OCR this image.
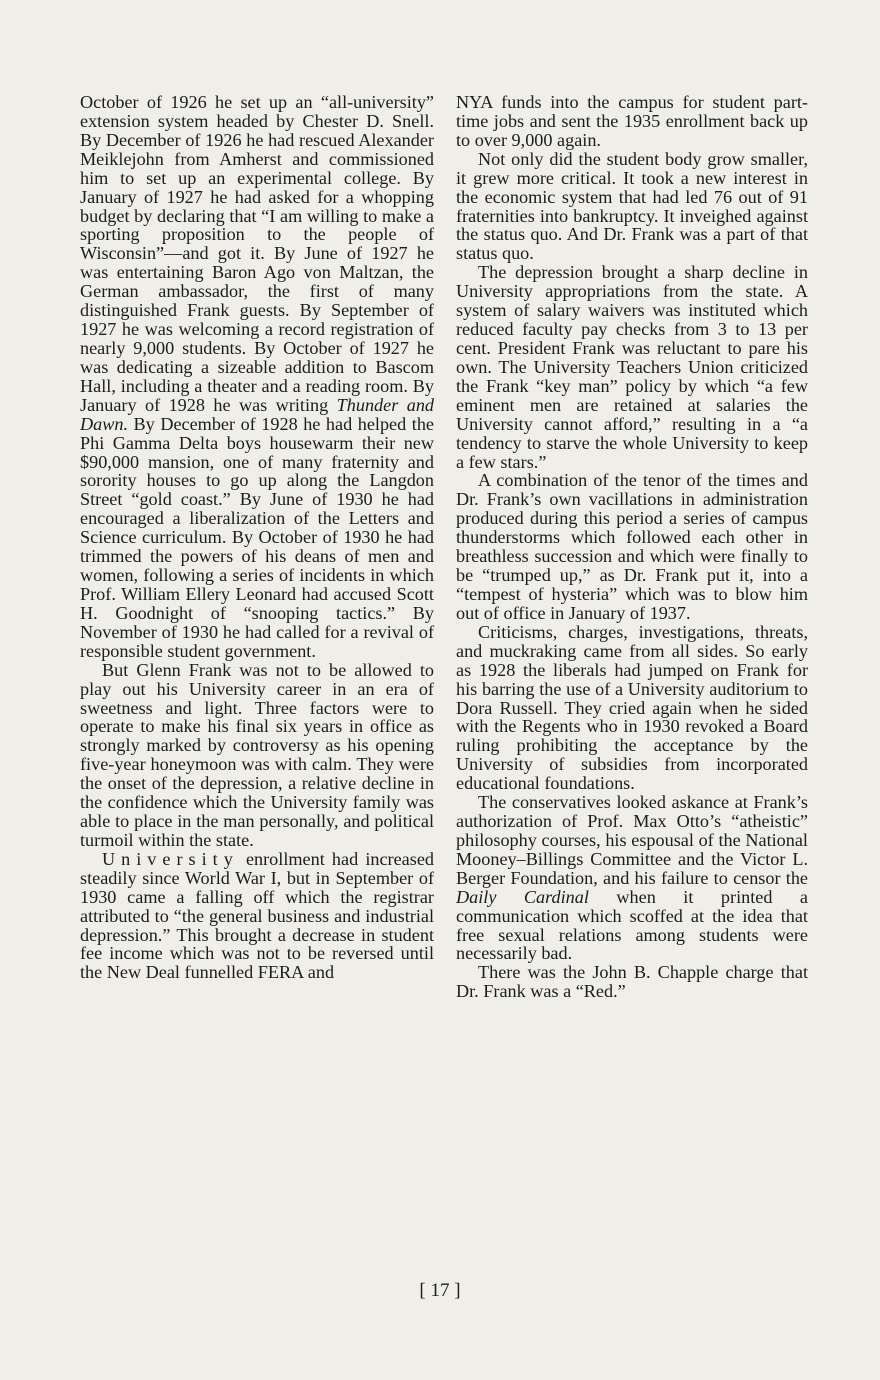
October of 1926 he set up an “all-university” extension system headed by Chester D. Snell. By December of 1926 he had rescued Alexander Meiklejohn from Amherst and commissioned him to set up an experimental college. By January of 1927 he had asked for a whopping budget by declaring that “I am willing to make a sporting proposition to the people of Wisconsin”—and got it. By June of 1927 he was entertaining Baron Ago von Maltzan, the German ambassador, the first of many distinguished Frank guests. By September of 1927 he was welcoming a record registration of nearly 9,000 students. By October of 1927 he was dedicating a sizeable addition to Bascom Hall, including a theater and a reading room. By January of 1928 he was writing Thunder and Dawn. By December of 1928 he had helped the Phi Gamma Delta boys housewarm their new $90,000 mansion, one of many fraternity and sorority houses to go up along the Langdon Street “gold coast.” By June of 1930 he had encouraged a liberalization of the Letters and Science curriculum. By October of 1930 he had trimmed the powers of his deans of men and women, following a series of incidents in which Prof. William Ellery Leonard had accused Scott H. Goodnight of “snooping tactics.” By November of 1930 he had called for a revival of responsible student government.

But Glenn Frank was not to be allowed to play out his University career in an era of sweetness and light. Three factors were to operate to make his final six years in office as strongly marked by controversy as his opening five-year honeymoon was with calm. They were the onset of the depression, a relative decline in the confidence which the University family was able to place in the man personally, and political turmoil within the state.

University enrollment had increased steadily since World War I, but in September of 1930 came a falling off which the registrar attributed to “the general business and industrial depression.” This brought a decrease in student fee income which was not to be reversed until the New Deal funnelled FERA and

NYA funds into the campus for student part-time jobs and sent the 1935 enrollment back up to over 9,000 again.

Not only did the student body grow smaller, it grew more critical. It took a new interest in the economic system that had led 76 out of 91 fraternities into bankruptcy. It inveighed against the status quo. And Dr. Frank was a part of that status quo.

The depression brought a sharp decline in University appropriations from the state. A system of salary waivers was instituted which reduced faculty pay checks from 3 to 13 per cent. President Frank was reluctant to pare his own. The University Teachers Union criticized the Frank “key man” policy by which “a few eminent men are retained at salaries the University cannot afford,” resulting in a “a tendency to starve the whole University to keep a few stars.”

A combination of the tenor of the times and Dr. Frank’s own vacillations in administration produced during this period a series of campus thunderstorms which followed each other in breathless succession and which were finally to be “trumped up,” as Dr. Frank put it, into a “tempest of hysteria” which was to blow him out of office in January of 1937.

Criticisms, charges, investigations, threats, and muckraking came from all sides. So early as 1928 the liberals had jumped on Frank for his barring the use of a University auditorium to Dora Russell. They cried again when he sided with the Regents who in 1930 revoked a Board ruling prohibiting the acceptance by the University of subsidies from incorporated educational foundations.

The conservatives looked askance at Frank’s authorization of Prof. Max Otto’s “atheistic” philosophy courses, his espousal of the National Mooney–Billings Committee and the Victor L. Berger Foundation, and his failure to censor the Daily Cardinal when it printed a communication which scoffed at the idea that free sexual relations among students were necessarily bad.

There was the John B. Chapple charge that Dr. Frank was a “Red.”

[ 17 ]
